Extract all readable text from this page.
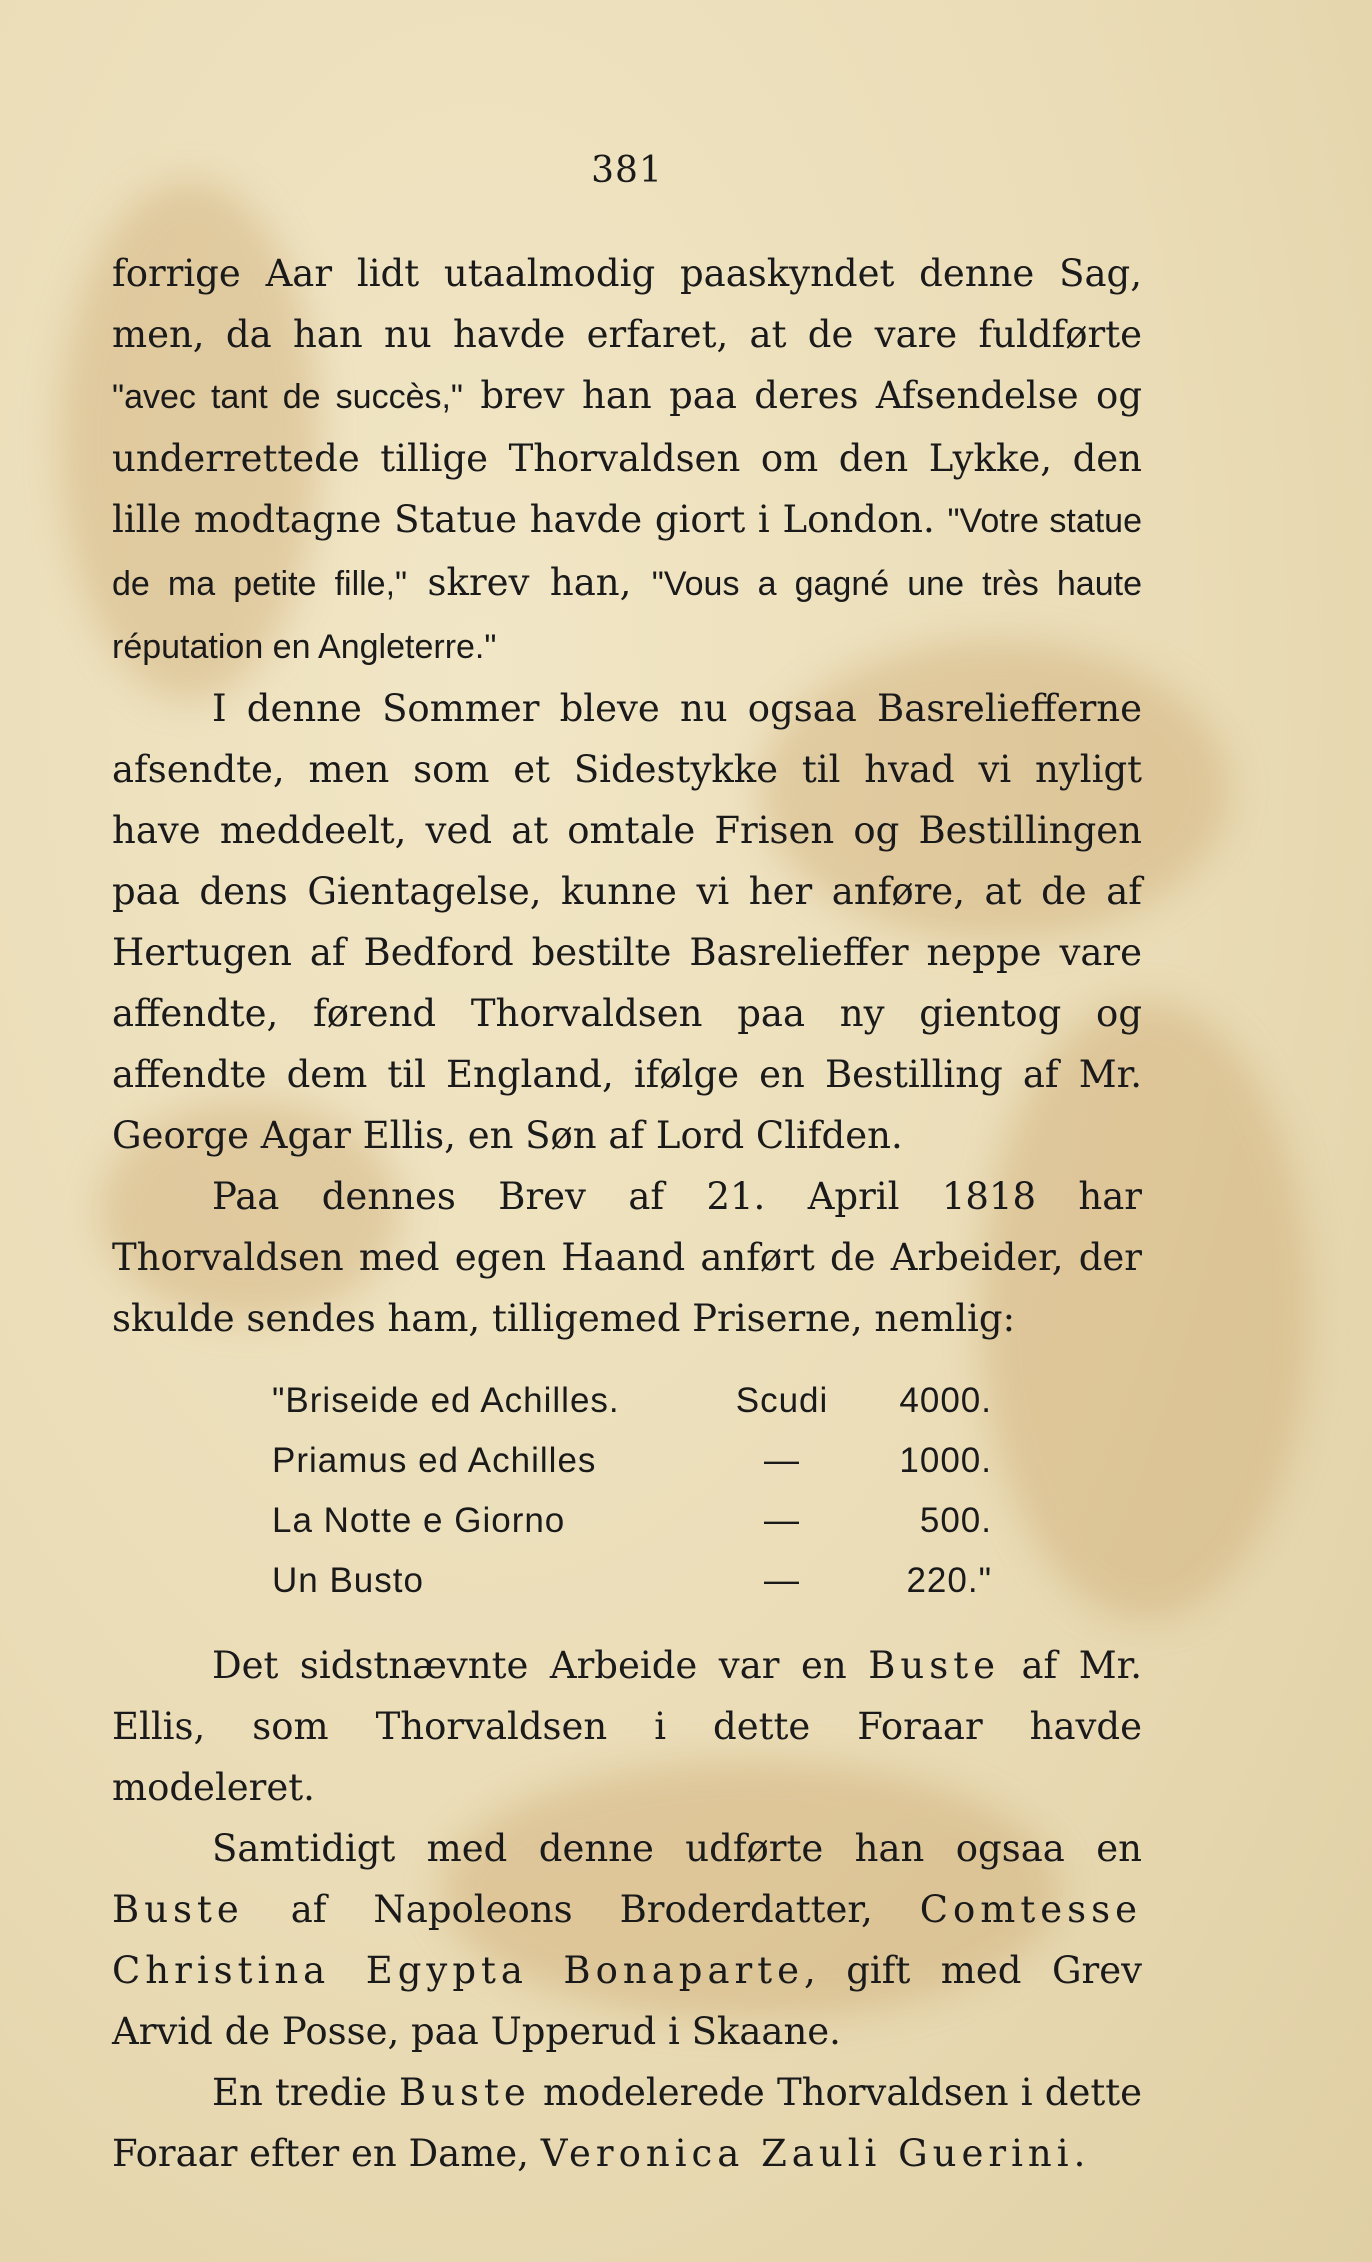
381

forrige Aar lidt utaalmodig paaskyndet denne Sag, men, da han nu havde erfaret, at de vare fuldførte "avec tant de succès," brev han paa deres Afsendelse og underrettede tillige Thorvaldsen om den Lykke, den lille modtagne Statue havde giort i London. "Votre statue de ma petite fille," skrev han, "Vous a gagné une très haute réputation en Angleterre."

I denne Sommer bleve nu ogsaa Basreliefferne afsendte, men som et Sidestykke til hvad vi nyligt have meddeelt, ved at omtale Frisen og Bestillingen paa dens Gientagelse, kunne vi her anføre, at de af Hertugen af Bedford bestilte Basrelieffer neppe vare affendte, førend Thorvaldsen paa ny gientog og affendte dem til England, ifølge en Bestilling af Mr. George Agar Ellis, en Søn af Lord Clifden.

Paa dennes Brev af 21. April 1818 har Thorvaldsen med egen Haand anført de Arbeider, der skulde sendes ham, tilligemed Priserne, nemlig:

"Briseide ed Achilles.	Scudi	4000.
Priamus ed Achilles	—	1000.
La Notte e Giorno	—	500.
Un Busto	—	220."

Det sidstnævnte Arbeide var en Buste af Mr. Ellis, som Thorvaldsen i dette Foraar havde modeleret.

Samtidigt med denne udførte han ogsaa en Buste af Napoleons Broderdatter, Comtesse Christina Egypta Bonaparte, gift med Grev Arvid de Posse, paa Upperud i Skaane.

En tredie Buste modelerede Thorvaldsen i dette Foraar efter en Dame, Veronica Zauli Guerini.
